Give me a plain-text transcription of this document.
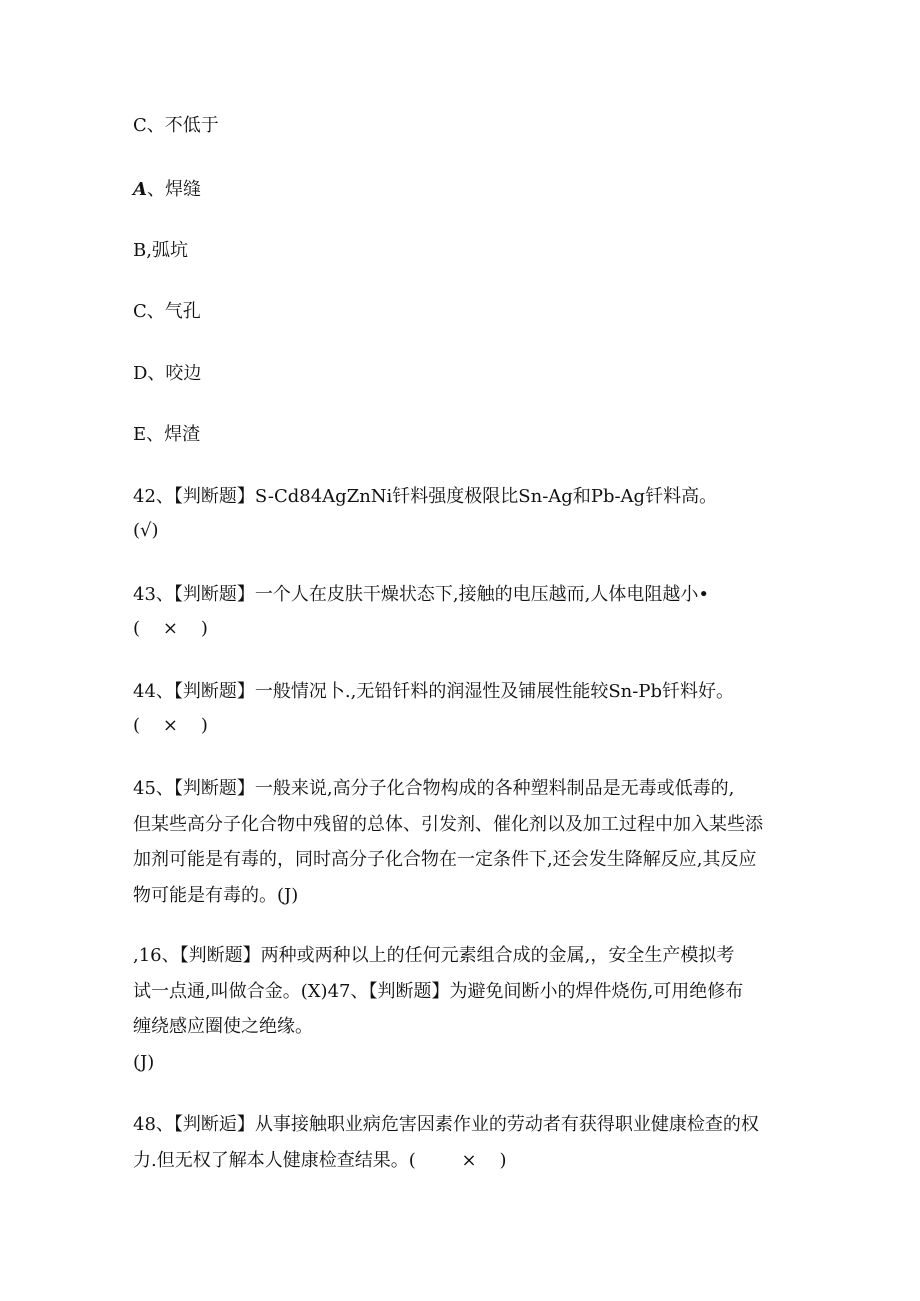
C、不低于
A、焊缝
B,弧坑
C、气孔
D、咬边
E、焊渣
42、【判断题】S-Cd84AgZnNi钎料强度极限比Sn-Ag和Pb-Ag钎料高。
(√)
43、【判断题】一个人在皮肤干燥状态下,接触的电压越而,人体电阻越小•
(    ×    )
44、【判断题】一般情况卜.,无铅钎料的润湿性及铺展性能较Sn-Pb钎料好。
(    ×    )
45、【判断题】一般来说,高分子化合物构成的各种塑料制品是无毒或低毒的,
但某些高分子化合物中残留的总体、引发剂、催化剂以及加工过程中加入某些添
加剂可能是有毒的，同时高分子化合物在一定条件下,还会发生降解反应,其反应
物可能是有毒的。(J)
,16、【判断题】两种或两种以上的任何元素组合成的金属,，安全生产模拟考
试一点通,叫做合金。(X)47、【判断题】为避免间断小的焊件烧伤,可用绝修布
缠绕感应圈使之绝缘。
(J)
48、【判断逅】从事接触职业病危害因素作业的劳动者有获得职业健康检查的权
力.但无权了解本人健康检查结果。(        ×    )
